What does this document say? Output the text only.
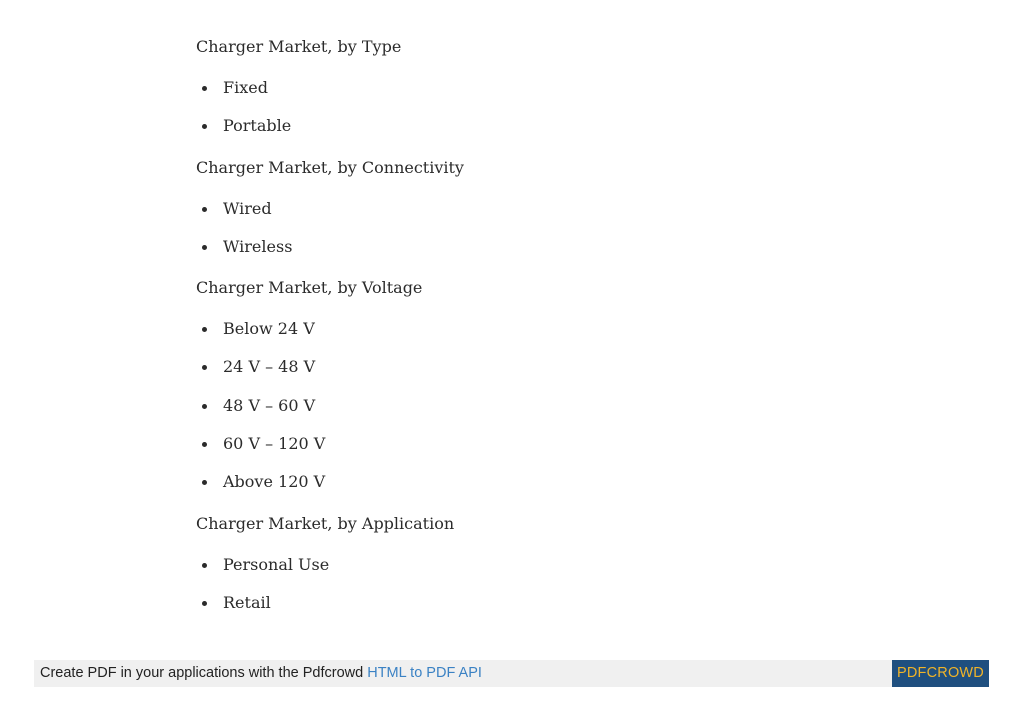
Charger Market, by Type
Fixed
Portable
Charger Market, by Connectivity
Wired
Wireless
Charger Market, by Voltage
Below 24 V
24 V – 48 V
48 V – 60 V
60 V – 120 V
Above 120 V
Charger Market, by Application
Personal Use
Retail
Create PDF in your applications with the Pdfcrowd HTML to PDF API	PDFCROWD
